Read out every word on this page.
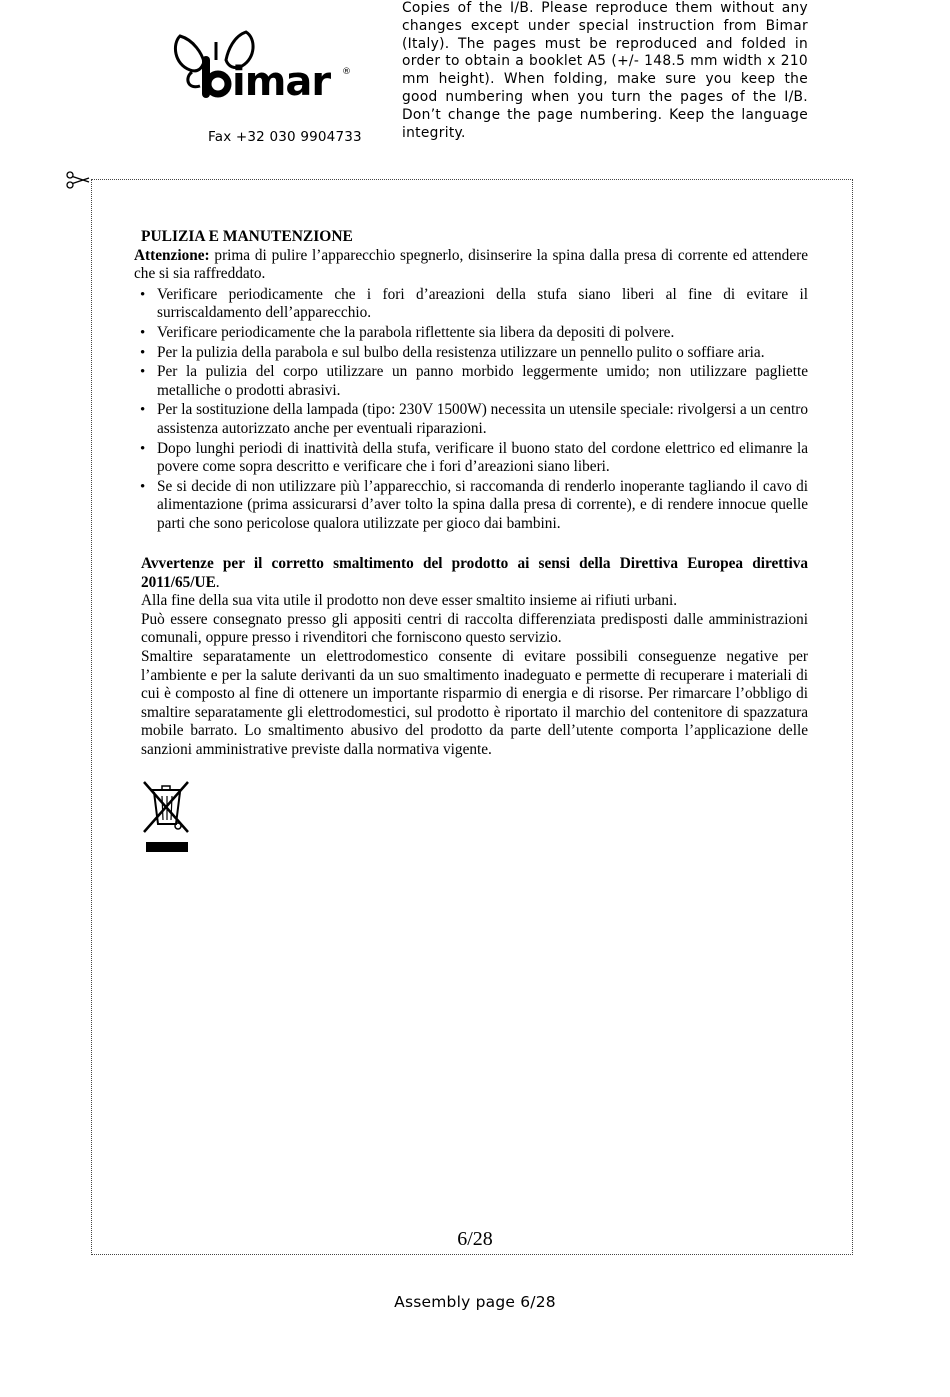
imar ®
Fax +32 030 9904733
Copies of the I/B. Please reproduce them without any changes except under special instruction from Bimar (Italy). The pages must be reproduced and folded in order to obtain a booklet A5 (+/- 148.5 mm width x 210 mm height). When folding, make sure you keep the good numbering when you turn the pages of the I/B. Don’t change the page numbering. Keep the language integrity.
PULIZIA E MANUTENZIONE

Attenzione: prima di pulire l’apparecchio spegnerlo, disinserire la spina dalla presa di corrente ed attendere che si sia raffreddato.

• Verificare periodicamente che i fori d’areazioni della stufa siano liberi al fine di evitare il surriscaldamento dell’apparecchio.
• Verificare periodicamente che la parabola riflettente sia libera da depositi di polvere.
• Per la pulizia della parabola e sul bulbo della resistenza utilizzare un pennello pulito o soffiare aria.
• Per la pulizia del corpo utilizzare un panno morbido leggermente umido; non utilizzare pagliette metalliche o prodotti abrasivi.
• Per la sostituzione della lampada (tipo: 230V 1500W) necessita un utensile speciale: rivolgersi a un centro assistenza autorizzato anche per eventuali riparazioni.
• Dopo lunghi periodi di inattività della stufa, verificare il buono stato del cordone elettrico ed elimanre la povere come sopra descritto e verificare che i fori d’areazioni siano liberi.
• Se si decide di non utilizzare più l’apparecchio, si raccomanda di renderlo inoperante tagliando il cavo di alimentazione (prima assicurarsi d’aver tolto la spina dalla presa di corrente), e di rendere innocue quelle parti che sono pericolose qualora utilizzate per gioco dai bambini.

Avvertenze per il corretto smaltimento del prodotto ai sensi della Direttiva Europea direttiva 2011/65/UE.

Alla fine della sua vita utile il prodotto non deve esser smaltito insieme ai rifiuti urbani.

Può essere consegnato presso gli appositi centri di raccolta differenziata predisposti dalle amministrazioni comunali, oppure presso i rivenditori che forniscono questo servizio.

Smaltire separatamente un elettrodomestico consente di evitare possibili conseguenze negative per l’ambiente e per la salute derivanti da un suo smaltimento inadeguato e permette di recuperare i materiali di cui è composto al fine di ottenere un importante risparmio di energia e di risorse. Per rimarcare l’obbligo di smaltire separatamente gli elettrodomestici, sul prodotto è riportato il marchio del contenitore di spazzatura mobile barrato. Lo smaltimento abusivo del prodotto da parte dell’utente comporta l’applicazione delle sanzioni amministrative previste dalla normativa vigente.

6/28
Assembly page 6/28
